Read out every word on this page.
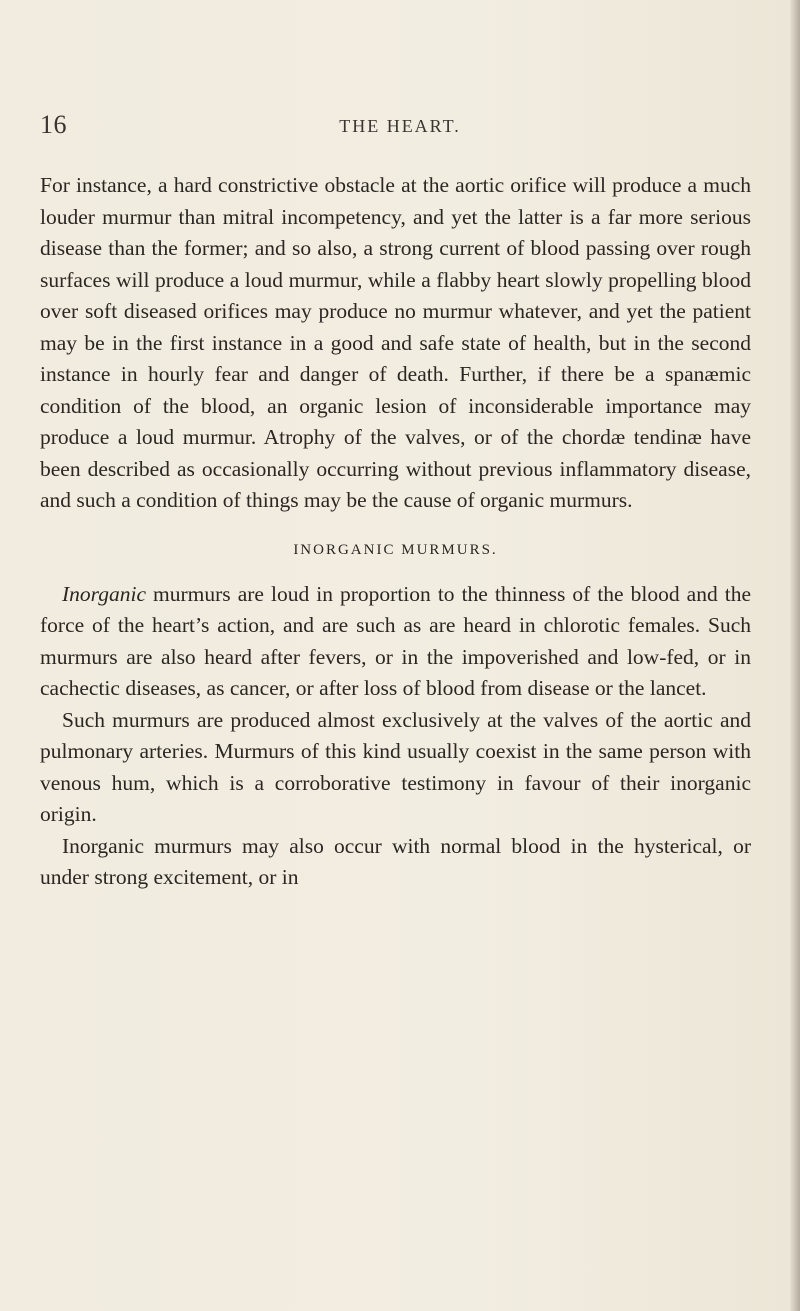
16	THE HEART.

For instance, a hard constrictive obstacle at the aortic orifice will produce a much louder murmur than mitral incompetency, and yet the latter is a far more serious disease than the former; and so also, a strong current of blood passing over rough surfaces will produce a loud murmur, while a flabby heart slowly propelling blood over soft diseased orifices may produce no murmur whatever, and yet the patient may be in the first instance in a good and safe state of health, but in the second instance in hourly fear and danger of death. Further, if there be a spanæmic condition of the blood, an organic lesion of inconsiderable importance may produce a loud murmur. Atrophy of the valves, or of the chordæ tendinæ have been described as occasionally occurring without previous inflammatory disease, and such a condition of things may be the cause of organic murmurs.

INORGANIC MURMURS.

Inorganic murmurs are loud in proportion to the thinness of the blood and the force of the heart’s action, and are such as are heard in chlorotic females. Such murmurs are also heard after fevers, or in the impoverished and low-fed, or in cachectic diseases, as cancer, or after loss of blood from disease or the lancet.

Such murmurs are produced almost exclusively at the valves of the aortic and pulmonary arteries. Murmurs of this kind usually coexist in the same person with venous hum, which is a corroborative testimony in favour of their inorganic origin.

Inorganic murmurs may also occur with normal blood in the hysterical, or under strong excitement, or in
